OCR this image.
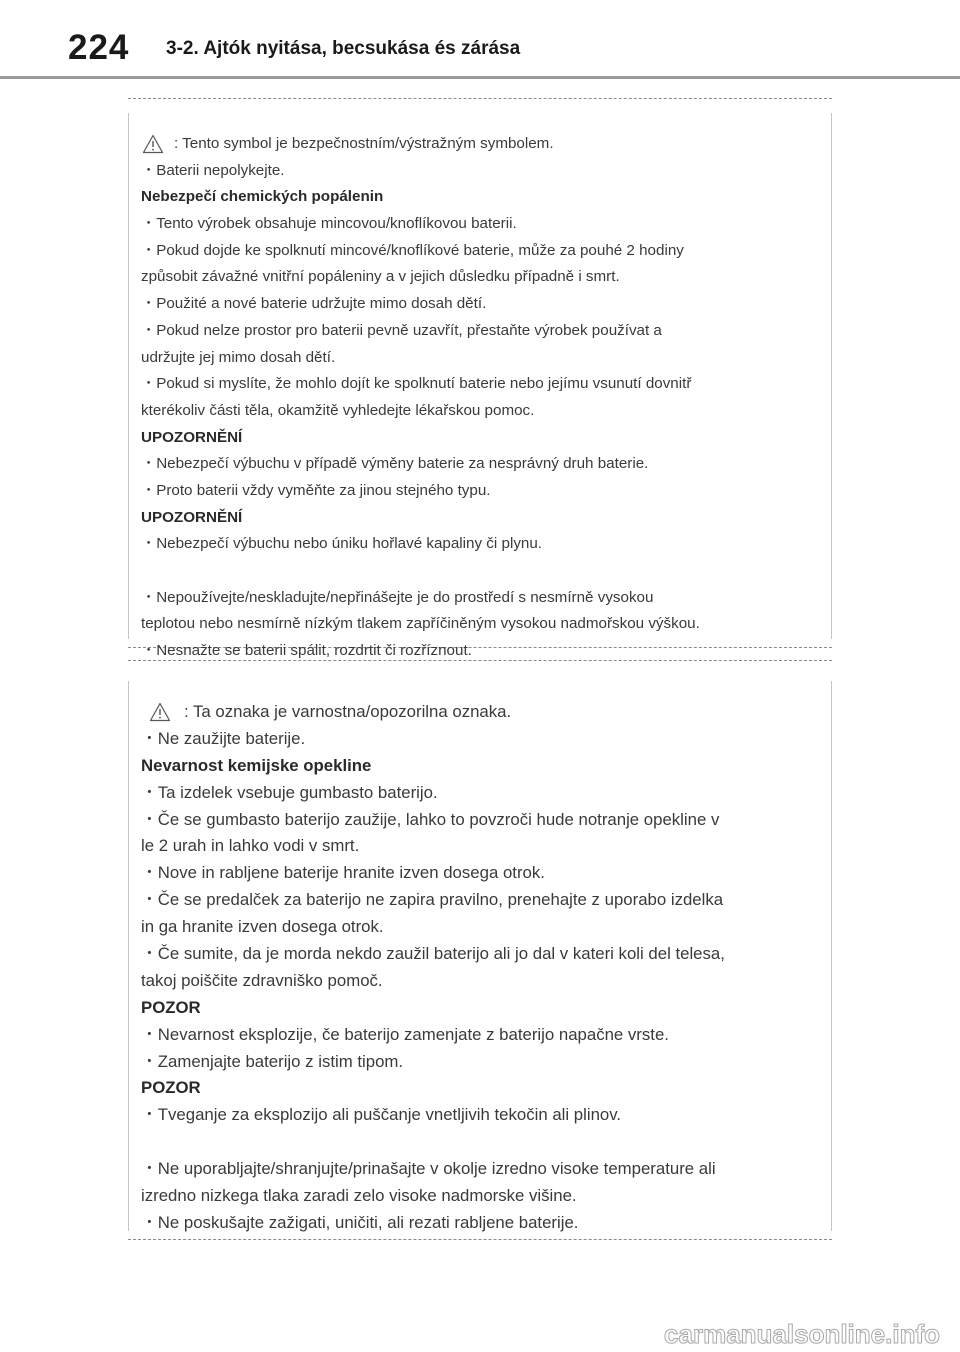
224 3-2. Ajtók nyitása, becsukása és zárása
: Tento symbol je bezpečnostním/výstražným symbolem.
・Baterii nepolykejte.
Nebezpečí chemických popálenin
・Tento výrobek obsahuje mincovou/knoflíkovou baterii.
・Pokud dojde ke spolknutí mincové/knoflíkové baterie, může za pouhé 2 hodiny
způsobit závažné vnitřní popáleniny a v jejich důsledku případně i smrt.
・Použité a nové baterie udržujte mimo dosah dětí.
・Pokud nelze prostor pro baterii pevně uzavřít, přestaňte výrobek používat a
udržujte jej mimo dosah dětí.
・Pokud si myslíte, že mohlo dojít ke spolknutí baterie nebo jejímu vsunutí dovnitř
kterékoliv části těla, okamžitě vyhledejte lékařskou pomoc.
UPOZORNĚNÍ
・Nebezpečí výbuchu v případě výměny baterie za nesprávný druh baterie.
・Proto baterii vždy vyměňte za jinou stejného typu.
UPOZORNĚNÍ
・Nebezpečí výbuchu nebo úniku hořlavé kapaliny či plynu.
・Nepoužívejte/neskladujte/nepřinášejte je do prostředí s nesmírně vysokou
teplotou nebo nesmírně nízkým tlakem zapříčiněným vysokou nadmořskou výškou.
・Nesnažte se baterii spálit, rozdrtit či rozříznout.
: Ta oznaka je varnostna/opozorilna oznaka.
・Ne zaužijte baterije.
Nevarnost kemijske opekline
・Ta izdelek vsebuje gumbasto baterijo.
・Če se gumbasto baterijo zaužije, lahko to povzroči hude notranje opekline v
le 2 urah in lahko vodi v smrt.
・Nove in rabljene baterije hranite izven dosega otrok.
・Če se predalček za baterijo ne zapira pravilno, prenehajte z uporabo izdelka
in ga hranite izven dosega otrok.
・Če sumite, da je morda nekdo zaužil baterijo ali jo dal v kateri koli del telesa,
takoj poiščite zdravniško pomoč.
POZOR
・Nevarnost eksplozije, če baterijo zamenjate z baterijo napačne vrste.
・Zamenjajte baterijo z istim tipom.
POZOR
・Tveganje za eksplozijo ali puščanje vnetljivih tekočin ali plinov.
・Ne uporabljajte/shranjujte/prinašajte v okolje izredno visoke temperature ali
izredno nizkega tlaka zaradi zelo visoke nadmorske višine.
・Ne poskušajte zažigati, uničiti, ali rezati rabljene baterije.
carmanualsonline.info
